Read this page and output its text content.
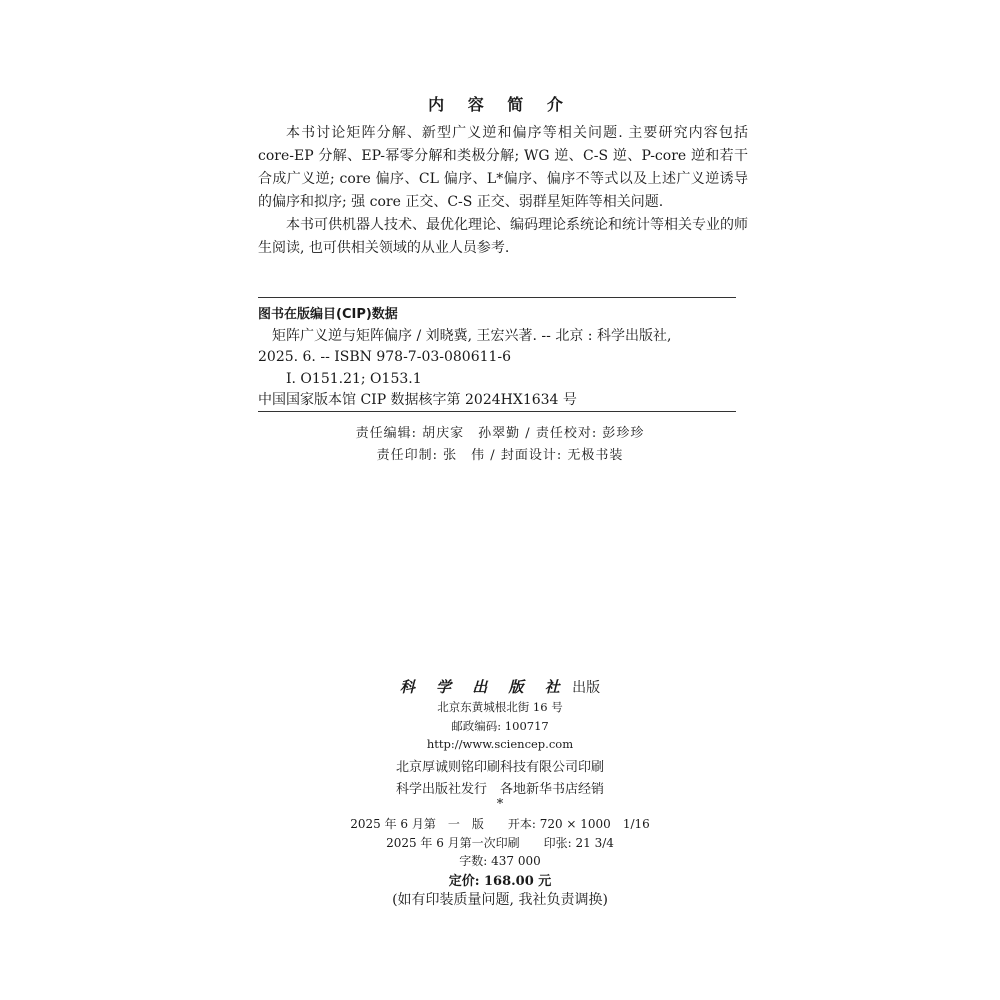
内 容 简 介

本书讨论矩阵分解、新型广义逆和偏序等相关问题. 主要研究内容包括 core-EP 分解、EP-幂零分解和类极分解; WG 逆、C-S 逆、P-core 逆和若干合成广义逆; core 偏序、CL 偏序、L*偏序、偏序不等式以及上述广义逆诱导的偏序和拟序; 强 core 正交、C-S 正交、弱群星矩阵等相关问题.

本书可供机器人技术、最优化理论、编码理论系统论和统计等相关专业的师生阅读, 也可供相关领域的从业人员参考.

图书在版编目(CIP)数据
矩阵广义逆与矩阵偏序 / 刘晓冀, 王宏兴著. -- 北京 : 科学出版社,
2025. 6. -- ISBN 978-7-03-080611-6
Ⅰ. O151.21; O153.1
中国国家版本馆 CIP 数据核字第 2024HX1634 号
责任编辑: 胡庆家　孙翠勤 / 责任校对: 彭珍珍
责任印制: 张　伟 / 封面设计: 无极书装
科 学 出 版 社 出版
北京东黄城根北街 16 号
邮政编码: 100717
http://www.sciencep.com
北京厚诚则铭印刷科技有限公司印刷
科学出版社发行　各地新华书店经销
*
2025 年 6 月第　一　版　　开本: 720 × 1000　1/16
2025 年 6 月第一次印刷　　印张: 21 3/4
字数: 437 000
定价: 168.00 元
(如有印装质量问题, 我社负责调换)
